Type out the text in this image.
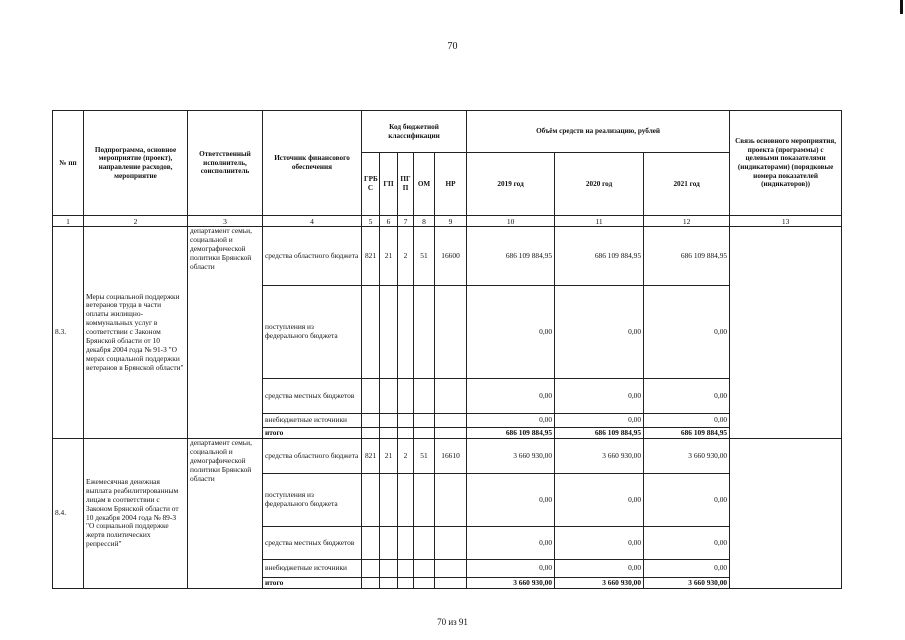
70
№ пп	Подпрограмма, основное мероприятие (проект), направление расходов, мероприятие	Ответственный исполнитель, соисполнитель	Источник финансового обеспечения	Код бюджетной классификации					Объём средств на реализацию, рублей			Связь основного мероприятия, проекта (программы) с целевыми показателями (индикаторами) (порядковые номера показателей (индикаторов))
				ГРБ С	ГП	ПГ П	ОМ	НР	2019 год	2020 год	2021 год	
1	2	3	4	5	6	7	8	9	10	11	12	13
8.3.	Меры социальной поддержки ветеранов труда в части оплаты жилищно-коммунальных услуг в соответствии с Законом Брянской области от 10 декабря 2004 года № 91-З "О мерах социальной поддержки ветеранов в Брянской области"	департамент семьи, социальной и демографической политики Брянской области	средства областного бюджета	821	21	2	51	16600	686 109 884,95	686 109 884,95	686 109 884,95	
			поступления из федерального бюджета						0,00	0,00	0,00	
			средства местных бюджетов						0,00	0,00	0,00	
			внебюджетные источники						0,00	0,00	0,00	
			итого						686 109 884,95	686 109 884,95	686 109 884,95	
8.4.	Ежемесячная денежная выплата реабилитированным лицам в соответствии с Законом Брянской области от 10 декабря 2004 года № 89-З "О социальной поддержке жертв политических репрессий"	департамент семьи, социальной и демографической политики Брянской области	средства областного бюджета	821	21	2	51	16610	3 660 930,00	3 660 930,00	3 660 930,00	
			поступления из федерального бюджета						0,00	0,00	0,00	
			средства местных бюджетов						0,00	0,00	0,00	
			внебюджетные источники						0,00	0,00	0,00	
			итого						3 660 930,00	3 660 930,00	3 660 930,00	
70 из 91
